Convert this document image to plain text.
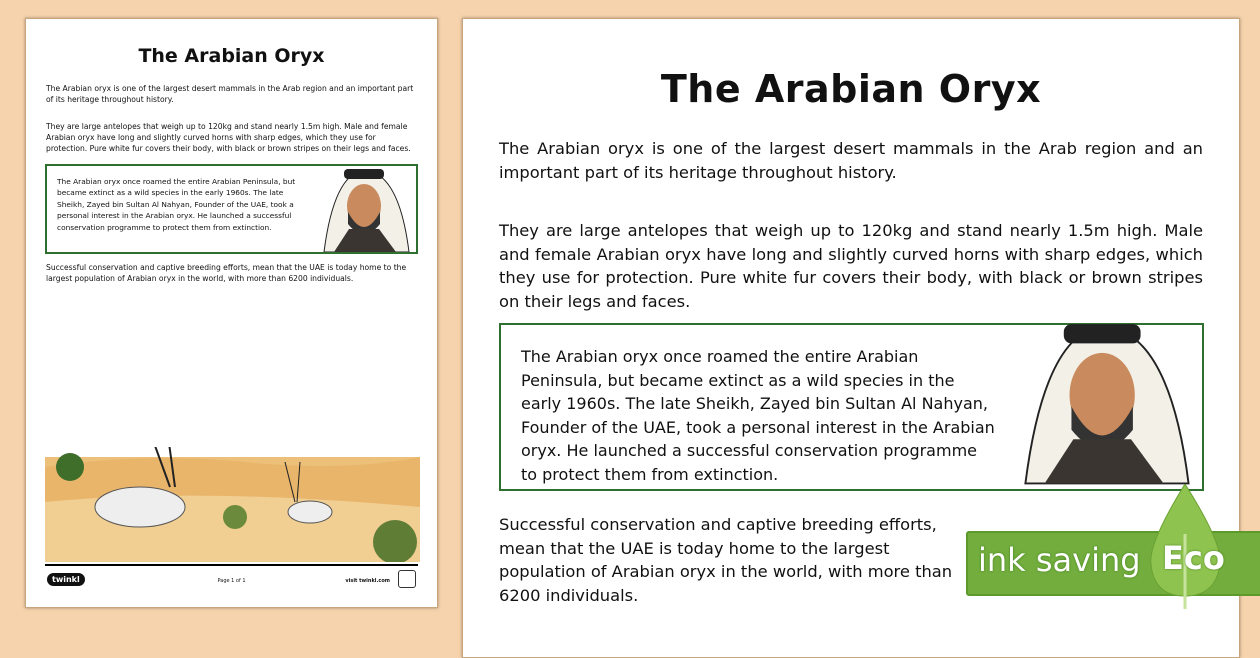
The Arabian Oryx

The Arabian oryx is one of the largest desert mammals in the Arab region and an important part of its heritage throughout history.

They are large antelopes that weigh up to 120kg and stand nearly 1.5m high. Male and female Arabian oryx have long and slightly curved horns with sharp edges, which they use for protection. Pure white fur covers their body, with black or brown stripes on their legs and faces.

The Arabian oryx once roamed the entire Arabian Peninsula, but became extinct as a wild species in the early 1960s. The late Sheikh, Zayed bin Sultan Al Nahyan, Founder of the UAE, took a personal interest in the Arabian oryx. He launched a successful conservation programme to protect them from extinction.

Successful conservation and captive breeding efforts, mean that the UAE is today home to the largest population of Arabian oryx in the world, with more than 6200 individuals.

twinkl	Page 1 of 1	visit twinkl.com
The Arabian Oryx

The Arabian oryx is one of the largest desert mammals in the Arab region and an important part of its heritage throughout history.

They are large antelopes that weigh up to 120kg and stand nearly 1.5m high. Male and female Arabian oryx have long and slightly curved horns with sharp edges, which they use for protection. Pure white fur covers their body, with black or brown stripes on their legs and faces.

The Arabian oryx once roamed the entire Arabian Peninsula, but became extinct as a wild species in the early 1960s. The late Sheikh, Zayed bin Sultan Al Nahyan, Founder of the UAE, took a personal interest in the Arabian oryx. He launched a successful conservation programme to protect them from extinction.

Successful conservation and captive breeding efforts, mean that the UAE is today home to the largest population of Arabian oryx in the world, with more than 6200 individuals.

ink saving Eco
